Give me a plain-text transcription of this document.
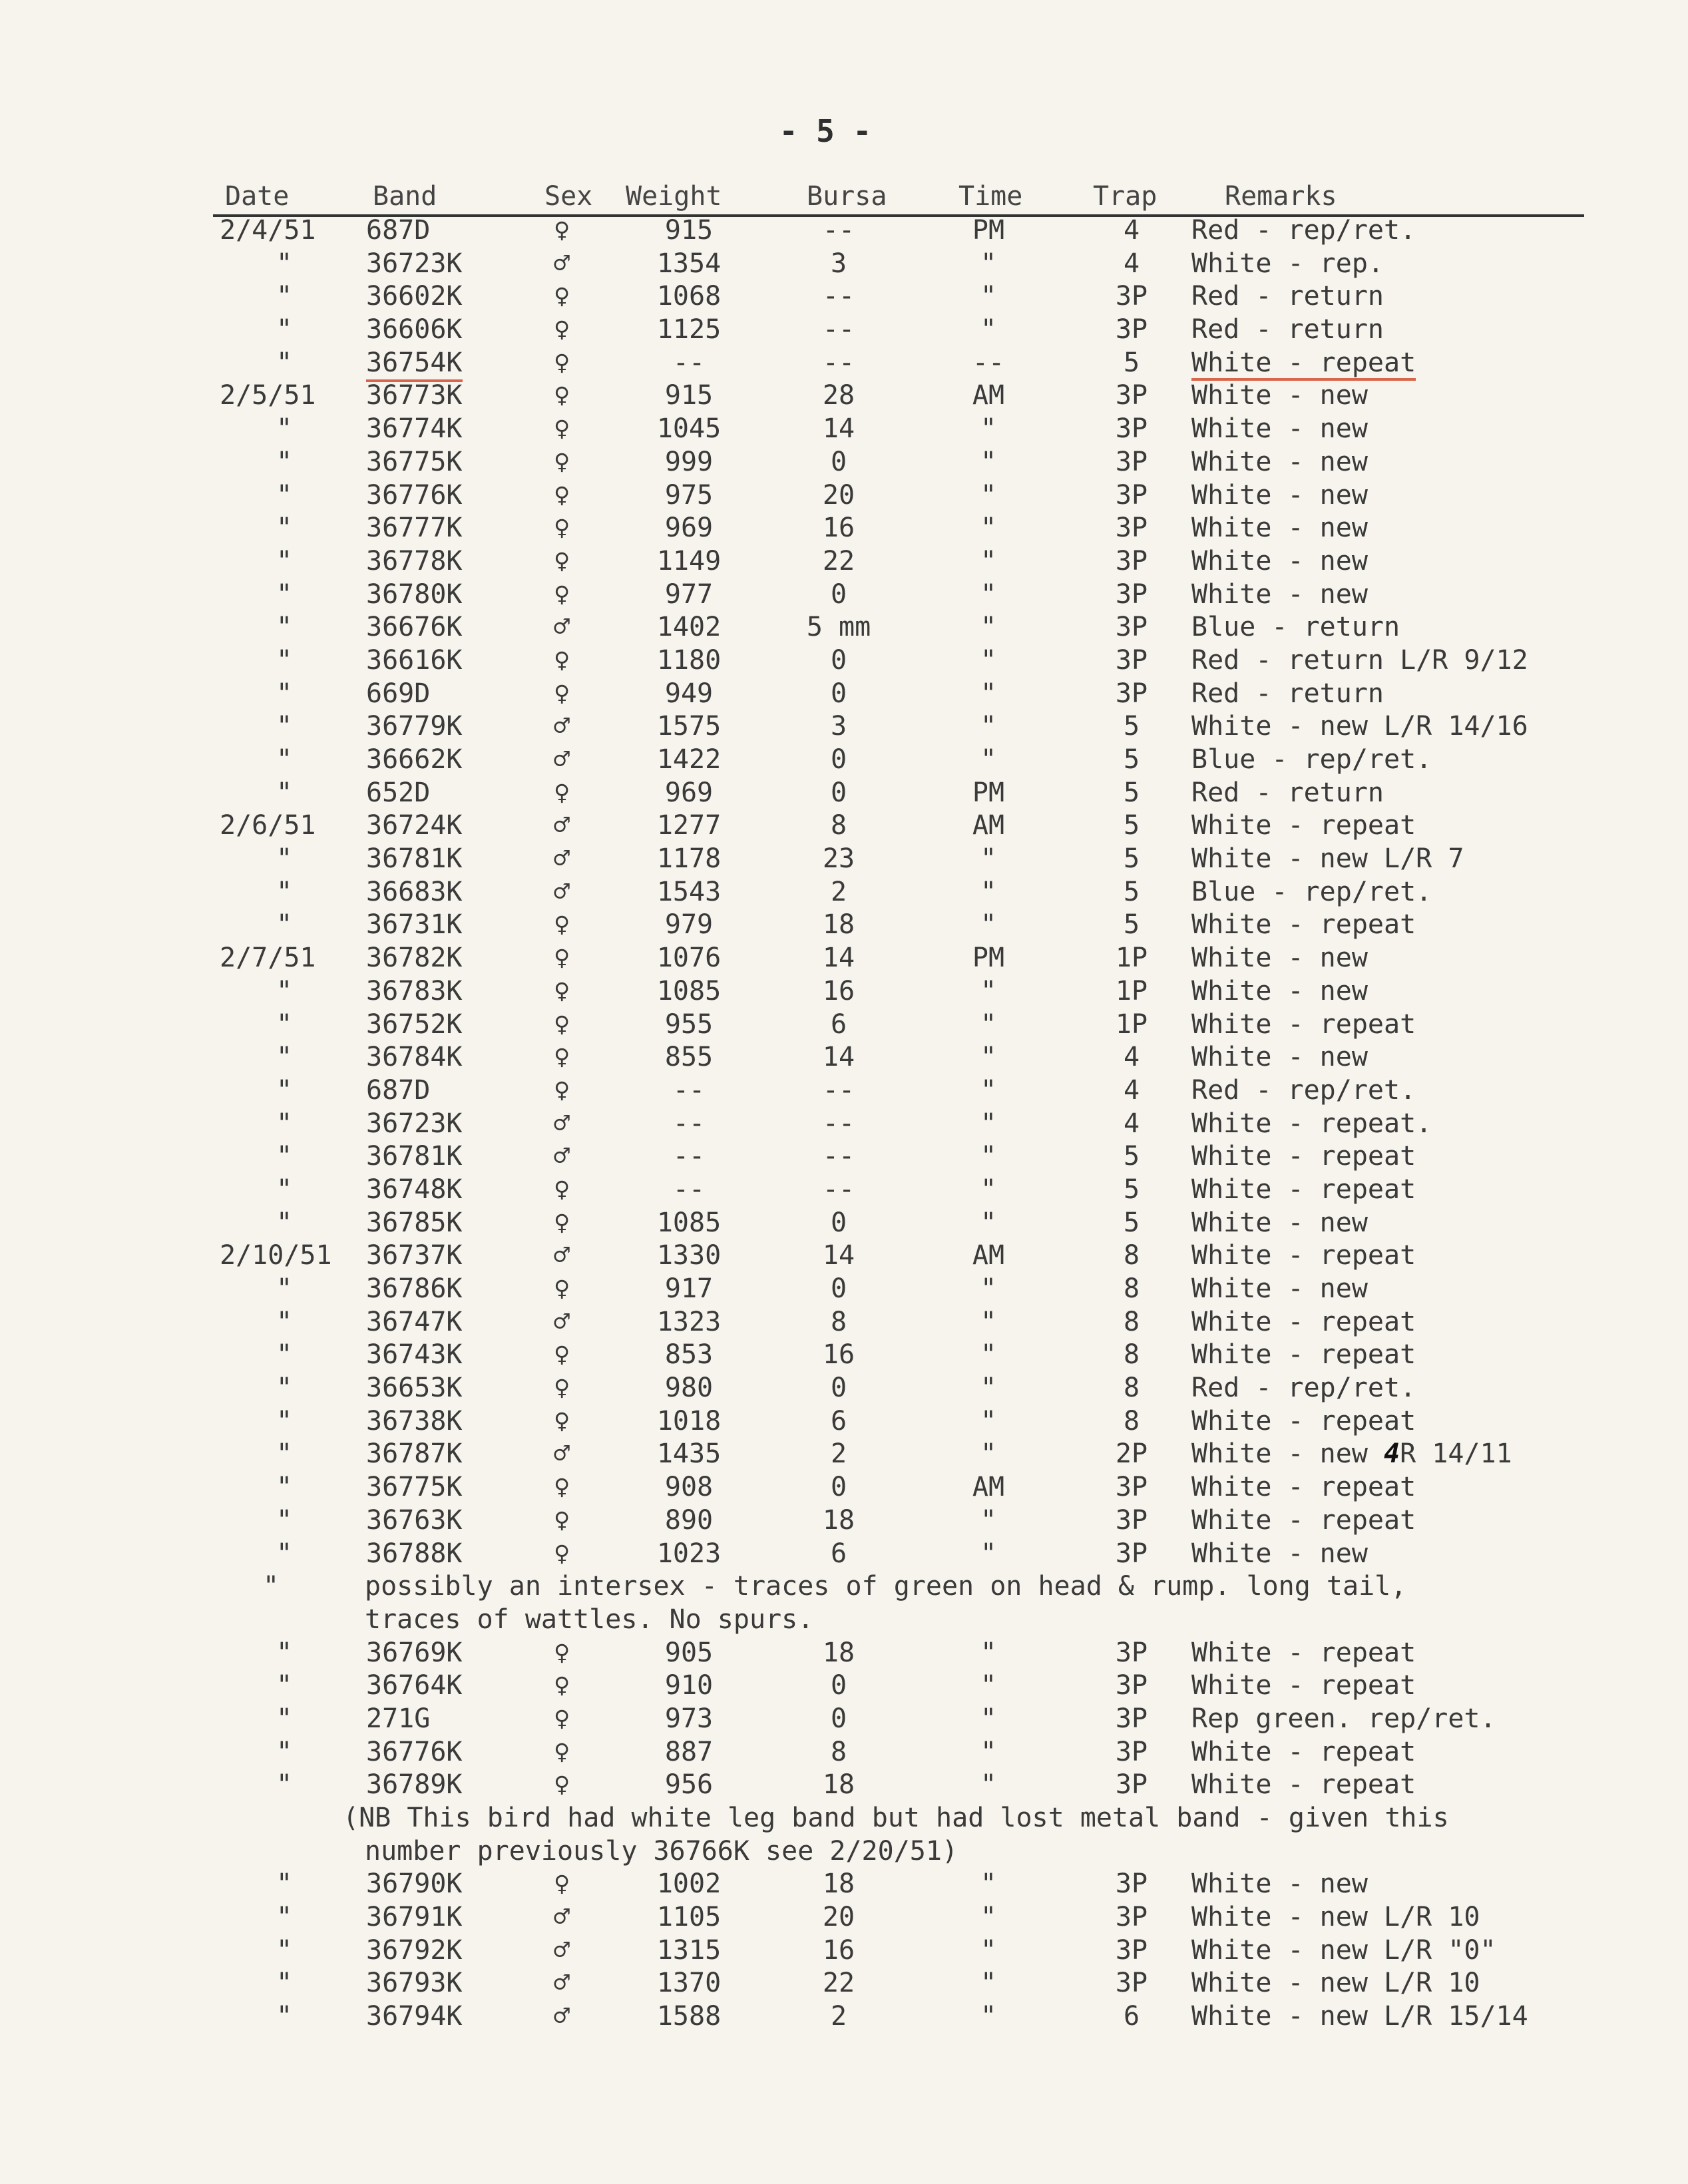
- 5 -
Date	Band	Sex Weight	Bursa	Time	Trap	Remarks
2/4/51 687D	♀	915	--	PM	4	Red - rep/ret.
"	36723K	♂	1354	3	"	4	White - rep.
"	36602K	♀	1068	--	"	3P	Red - return
"	36606K	♀	1125	--	"	3P	Red - return
"	36754K	♀	--	--	--	5	White - repeat
2/5/51 36773K	♀	915	28	AM	3P	White - new
"	36774K	♀	1045	14	"	3P	White - new
"	36775K	♀	999	0	"	3P	White - new
"	36776K	♀	975	20	"	3P	White - new
"	36777K	♀	969	16	"	3P	White - new
"	36778K	♀	1149	22	"	3P	White - new
"	36780K	♀	977	0	"	3P	White - new
"	36676K	♂	1402	5 mm	"	3P	Blue - return
"	36616K	♀	1180	0	"	3P	Red - return L/R 9/12
"	669D	♀	949	0	"	3P	Red - return
"	36779K	♂	1575	3	"	5	White - new L/R 14/16
"	36662K	♂	1422	0	"	5	Blue - rep/ret.
"	652D	♀	969	0	PM	5	Red - return
2/6/51 36724K	♂	1277	8	AM	5	White - repeat
"	36781K	♂	1178	23	"	5	White - new L/R 7
"	36683K	♂	1543	2	"	5	Blue - rep/ret.
"	36731K	♀	979	18	"	5	White - repeat
2/7/51 36782K	♀	1076	14	PM	1P	White - new
"	36783K	♀	1085	16	"	1P	White - new
"	36752K	♀	955	6	"	1P	White - repeat
"	36784K	♀	855	14	"	4	White - new
"	687D	♀	--	--	"	4	Red - rep/ret.
"	36723K	♂	--	--	"	4	White - repeat.
"	36781K	♂	--	--	"	5	White - repeat
"	36748K	♀	--	--	"	5	White - repeat
"	36785K	♀	1085	0	"	5	White - new
2/10/51 36737K	♂	1330	14	AM	8	White - repeat
"	36786K	♀	917	0	"	8	White - new
"	36747K	♂	1323	8	"	8	White - repeat
"	36743K	♀	853	16	"	8	White - repeat
"	36653K	♀	980	0	"	8	Red - rep/ret.
"	36738K	♀	1018	6	"	8	White - repeat
"	36787K	♂	1435	2	"	2P	White - new 4R 14/11
"	36775K	♀	908	0	AM	3P	White - repeat
"	36763K	♀	890	18	"	3P	White - repeat
"	36788K	♀	1023	6	"	3P	White - new
"	possibly an intersex - traces of green on head & rump. long tail,
traces of wattles. No spurs.
"	36769K	♀	905	18	"	3P	White - repeat
"	36764K	♀	910	0	"	3P	White - repeat
"	271G	♀	973	0	"	3P	Rep green. rep/ret.
"	36776K	♀	887	8	"	3P	White - repeat
"	36789K	♀	956	18	"	3P	White - repeat
(NB This bird had white leg band but had lost metal band - given this
number previously 36766K see 2/20/51)
"	36790K	♀	1002	18	"	3P	White - new
"	36791K	♂	1105	20	"	3P	White - new L/R 10
"	36792K	♂	1315	16	"	3P	White - new L/R "0"
"	36793K	♂	1370	22	"	3P	White - new L/R 10
"	36794K	♂	1588	2	"	6	White - new L/R 15/14
